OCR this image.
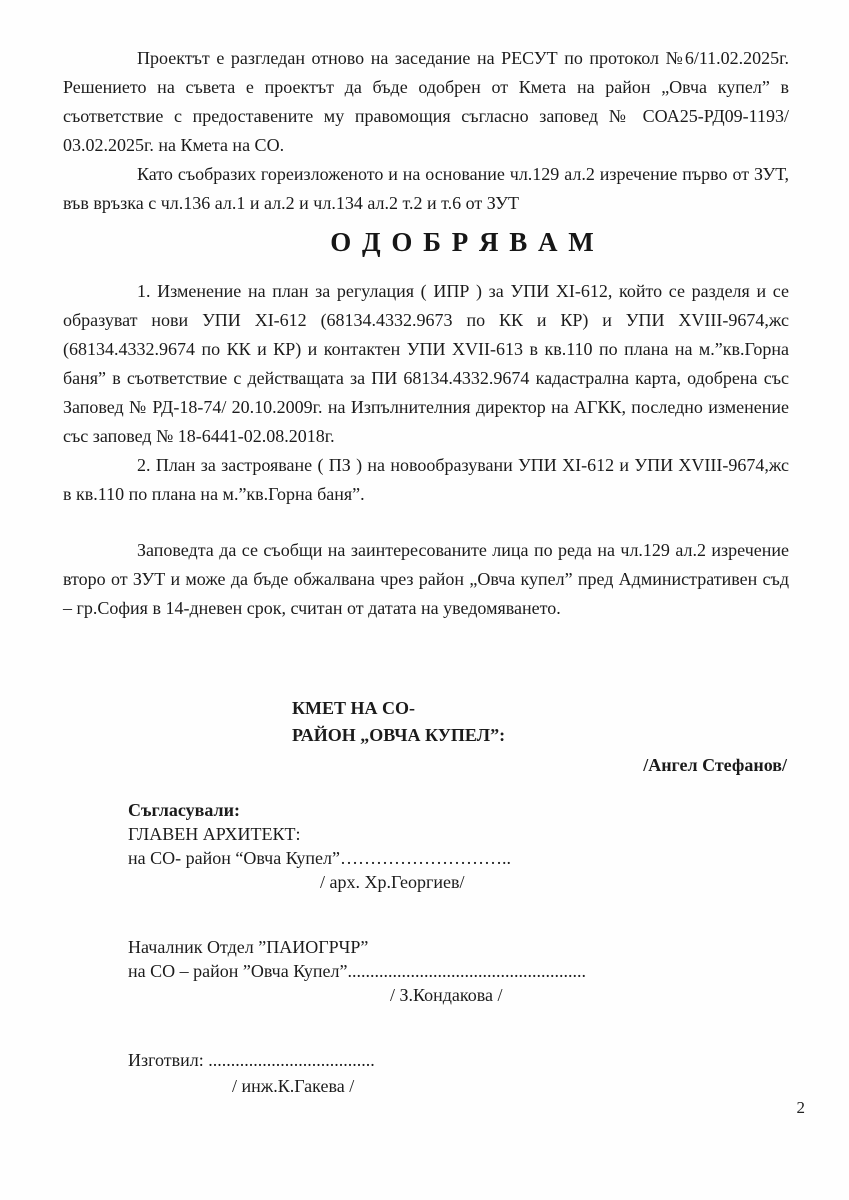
Проектът е разгледан отново на заседание на РЕСУТ по протокол №6/11.02.2025г. Решението на съвета е проектът да бъде одобрен от Кмета на район „Овча купел” в съответствие с предоставените му правомощия съгласно заповед № СОА25-РД09-1193/ 03.02.2025г. на Кмета на СО.

Като съобразих гореизложеното и на основание чл.129 ал.2 изречение първо от ЗУТ, във връзка с чл.136 ал.1 и ал.2 и чл.134 ал.2 т.2 и т.6 от ЗУТ

О Д О Б Р Я В А М

1. Изменение на план за регулация ( ИПР ) за УПИ XI-612, който се разделя и се образуват нови УПИ XI-612 (68134.4332.9673 по КК и КР) и УПИ XVIII-9674,жс (68134.4332.9674 по КК и КР) и контактен УПИ XVII-613 в кв.110 по плана на м.”кв.Горна баня” в съответствие с действащата за ПИ 68134.4332.9674 кадастрална карта, одобрена със Заповед № РД-18-74/ 20.10.2009г. на Изпълнителния директор на АГКК, последно изменение със заповед № 18-6441-02.08.2018г.

2. План за застрояване ( ПЗ ) на новообразувани УПИ XI-612 и УПИ XVIII-9674,жс в кв.110 по плана на м.”кв.Горна баня”.

Заповедта да се съобщи на заинтересованите лица по реда на чл.129 ал.2 изречение второ от ЗУТ и може да бъде обжалвана чрез район „Овча купел” пред Административен съд – гр.София в 14-дневен срок, считан от датата на уведомяването.

КМЕТ НА СО-
РАЙОН „ОВЧА КУПЕЛ”:
/Ангел Стефанов/
Съгласували:
ГЛАВЕН АРХИТЕКТ:
на СО- район “Овча Купел”………………………..
/ арх. Хр.Георгиев/
Началник Отдел ”ПАИОГРЧР”
на СО – район ”Овча Купел”.....................................................
/ З.Кондакова /
Изготвил: .....................................
/ инж.К.Гакева /
2
